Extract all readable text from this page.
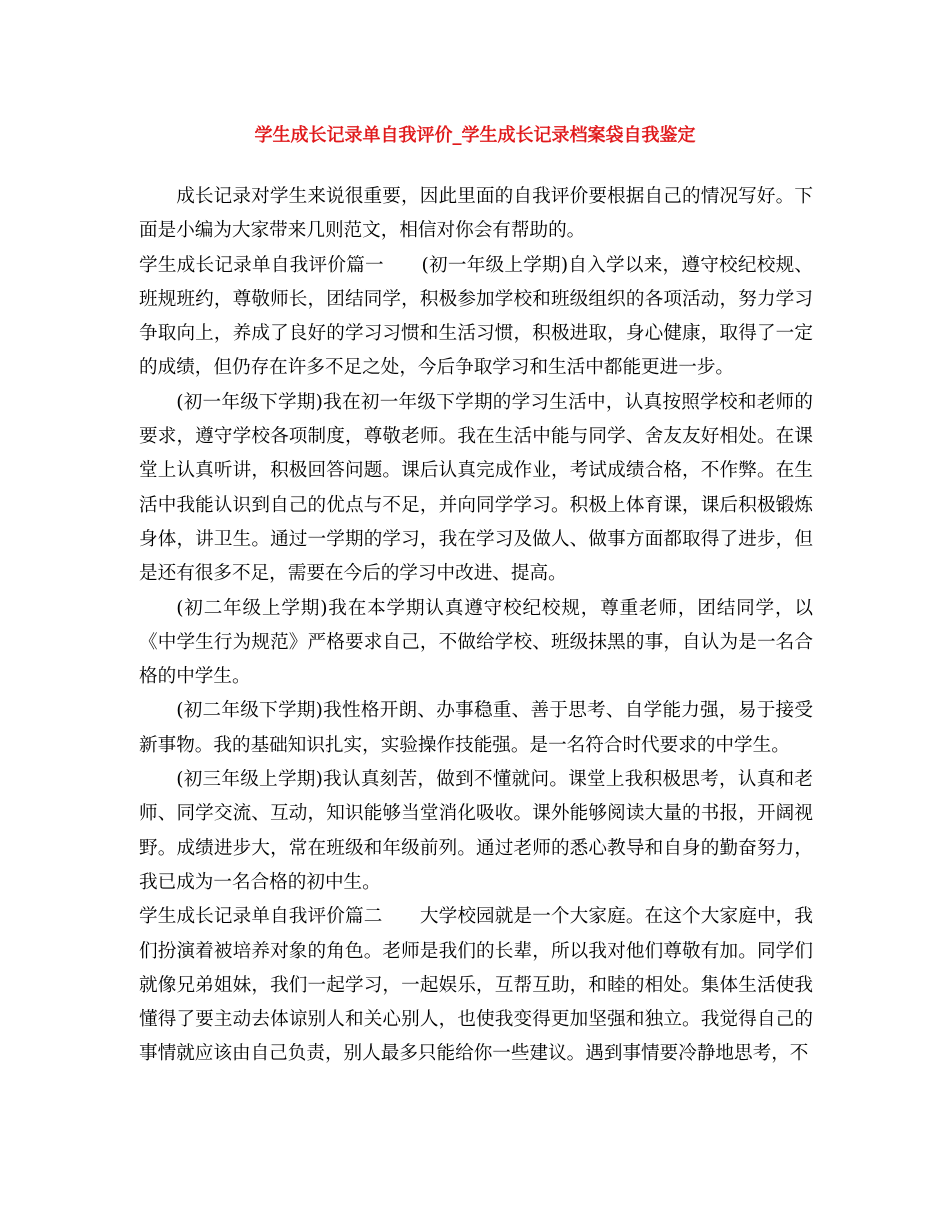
学生成长记录单自我评价_学生成长记录档案袋自我鉴定

成长记录对学生来说很重要，因此里面的自我评价要根据自己的情况写好。下面是小编为大家带来几则范文，相信对你会有帮助的。

学生成长记录单自我评价篇一　　(初一年级上学期)自入学以来，遵守校纪校规、班规班约，尊敬师长，团结同学，积极参加学校和班级组织的各项活动，努力学习争取向上，养成了良好的学习习惯和生活习惯，积极进取，身心健康，取得了一定的成绩，但仍存在许多不足之处，今后争取学习和生活中都能更进一步。

(初一年级下学期)我在初一年级下学期的学习生活中，认真按照学校和老师的要求，遵守学校各项制度，尊敬老师。我在生活中能与同学、舍友友好相处。在课堂上认真听讲，积极回答问题。课后认真完成作业，考试成绩合格，不作弊。在生活中我能认识到自己的优点与不足，并向同学学习。积极上体育课，课后积极锻炼身体，讲卫生。通过一学期的学习，我在学习及做人、做事方面都取得了进步，但是还有很多不足，需要在今后的学习中改进、提高。

(初二年级上学期)我在本学期认真遵守校纪校规，尊重老师，团结同学，以《中学生行为规范》严格要求自己，不做给学校、班级抹黑的事，自认为是一名合格的中学生。

(初二年级下学期)我性格开朗、办事稳重、善于思考、自学能力强，易于接受新事物。我的基础知识扎实，实验操作技能强。是一名符合时代要求的中学生。

(初三年级上学期)我认真刻苦，做到不懂就问。课堂上我积极思考，认真和老师、同学交流、互动，知识能够当堂消化吸收。课外能够阅读大量的书报，开阔视野。成绩进步大，常在班级和年级前列。通过老师的悉心教导和自身的勤奋努力，我已成为一名合格的初中生。

学生成长记录单自我评价篇二　　大学校园就是一个大家庭。在这个大家庭中，我们扮演着被培养对象的角色。老师是我们的长辈，所以我对他们尊敬有加。同学们就像兄弟姐妹，我们一起学习，一起娱乐，互帮互助，和睦的相处。集体生活使我懂得了要主动去体谅别人和关心别人，也使我变得更加坚强和独立。我觉得自己的事情就应该由自己负责，别人最多只能给你一些建议。遇到事情要冷静地思考，不
